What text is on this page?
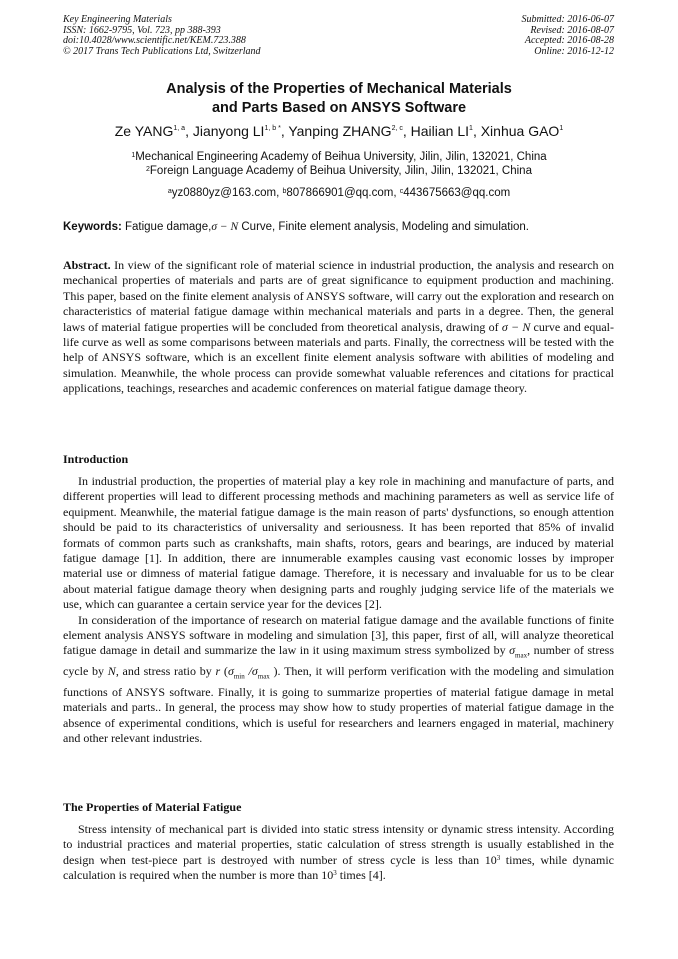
Key Engineering Materials
ISSN: 1662-9795, Vol. 723, pp 388-393
doi:10.4028/www.scientific.net/KEM.723.388
© 2017 Trans Tech Publications Ltd, Switzerland
Submitted: 2016-06-07
Revised: 2016-08-07
Accepted: 2016-08-28
Online: 2016-12-12
Analysis of the Properties of Mechanical Materials
and Parts Based on ANSYS Software
Ze YANG$^{1, a}$, Jianyong $LI^{1, b *}$, Yanping ZHANG$^{2, c}$, Hailian $LI^1$, Xinhua GAO$^1$
$^1$Mechanical Engineering Academy of Beihua University, Jilin, Jilin, 132021, China
$^2$Foreign Language Academy of Beihua University, Jilin, Jilin, 132021, China
$^a$yz0880yz@163.com, $^b$807866901@qq.com, $^c$443675663@qq.com
Keywords: Fatigue damage,σ − N Curve, Finite element analysis, Modeling and simulation.

Abstract. In view of the significant role of material science in industrial production, the analysis and research on mechanical properties of materials and parts are of great significance to equipment production and machining. This paper, based on the finite element analysis of ANSYS software, will carry out the exploration and research on characteristics of material fatigue damage within mechanical materials and parts in a degree. Then, the general laws of material fatigue properties will be concluded from theoretical analysis, drawing of σ − N curve and equal-life curve as well as some comparisons between materials and parts. Finally, the correctness will be tested with the help of ANSYS software, which is an excellent finite element analysis software with abilities of modeling and simulation. Meanwhile, the whole process can provide somewhat valuable references and citations for practical applications, teachings, researches and academic conferences on material fatigue damage theory.

Introduction

In industrial production, the properties of material play a key role in machining and manufacture of parts, and different properties will lead to different processing methods and machining parameters as well as service life of equipment. Meanwhile, the material fatigue damage is the main reason of parts' dysfunctions, so enough attention should be paid to its characteristics of universality and seriousness. It has been reported that 85% of invalid formats of common parts such as crankshafts, main shafts, rotors, gears and bearings, are induced by material fatigue damage [1]. In addition, there are innumerable examples causing vast economic losses by improper material use or dimness of material fatigue damage. Therefore, it is necessary and invaluable for us to be clear about material fatigue damage theory when designing parts and roughly judging service life of the materials we use, which can guarantee a certain service year for the devices [2].

In consideration of the importance of research on material fatigue damage and the available functions of finite element analysis ANSYS software in modeling and simulation [3], this paper, first of all, will analyze theoretical fatigue damage in detail and summarize the law in it using maximum stress symbolized by $\sigma_{max}$, number of stress cycle by N, and stress ratio by r ($\sigma_{min}$ $/\sigma_{max}$ ). Then, it will perform verification with the modeling and simulation functions of ANSYS software. Finally, it is going to summarize properties of material fatigue damage in metal materials and parts.. In general, the process may show how to study properties of material fatigue damage in the absence of experimental conditions, which is useful for researchers and learners engaged in material, machinery and other relevant industries.

The Properties of Material Fatigue

Stress intensity of mechanical part is divided into static stress intensity or dynamic stress intensity. According to industrial practices and material properties, static calculation of stress strength is usually established in the design when test-piece part is destroyed with number of stress cycle is less than $10^3$ times, while dynamic calculation is required when the number is more than $10^3$ times [4].
